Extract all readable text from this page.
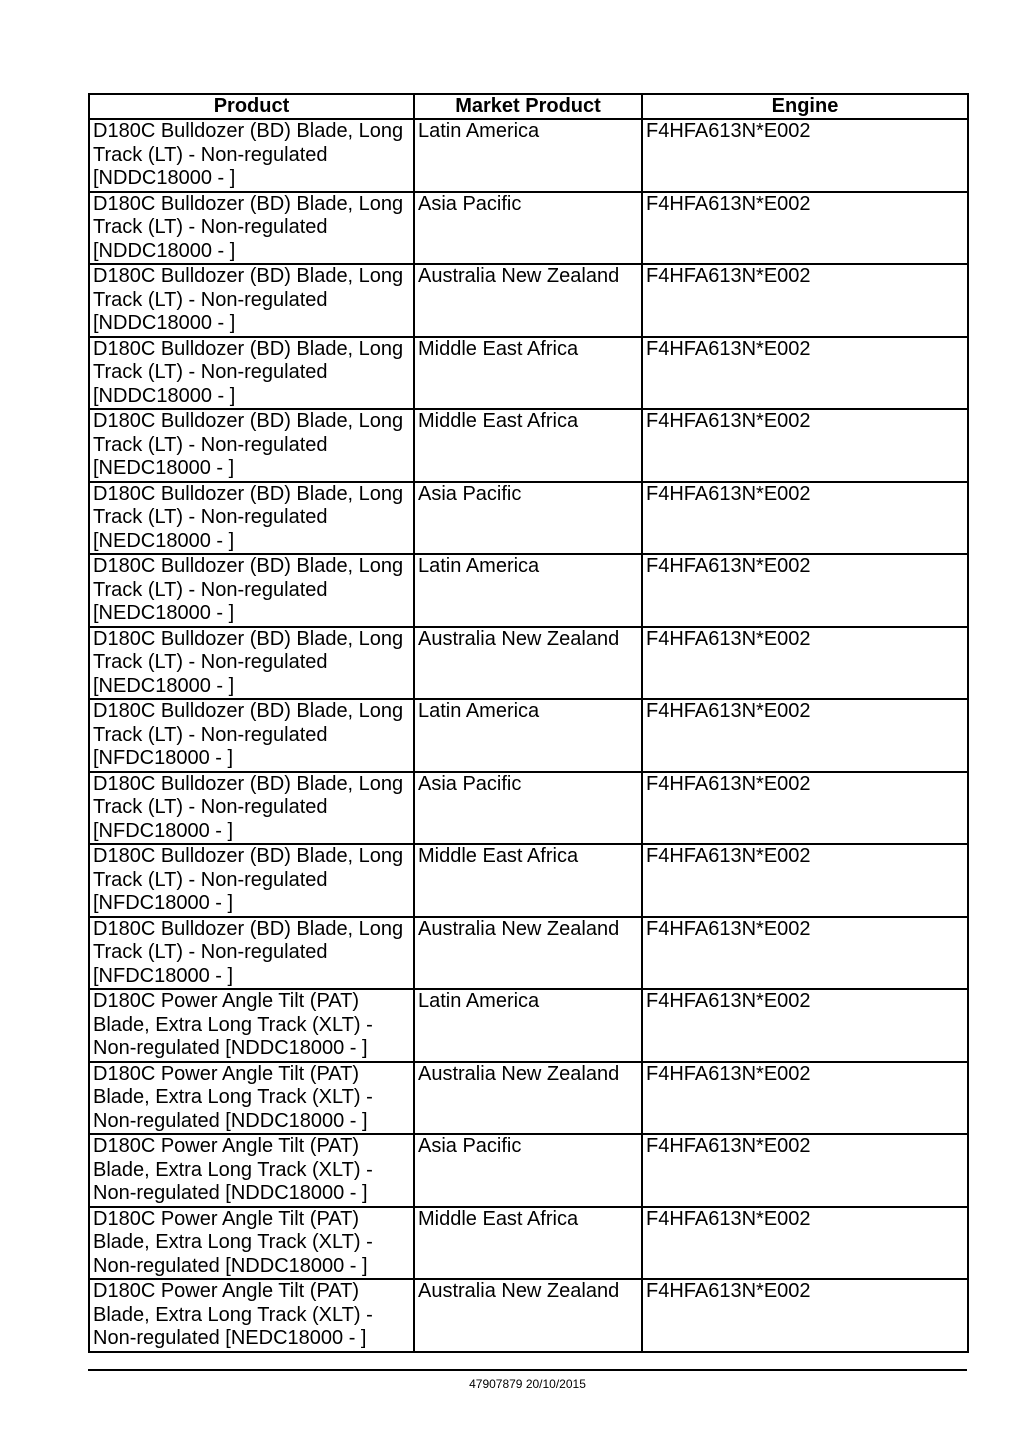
Product	Market Product	Engine
D180C Bulldozer (BD) Blade, Long Track (LT) - Non-regulated [NDDC18000 - ]	Latin America	F4HFA613N*E002
D180C Bulldozer (BD) Blade, Long Track (LT) - Non-regulated [NDDC18000 - ]	Asia Pacific	F4HFA613N*E002
D180C Bulldozer (BD) Blade, Long Track (LT) - Non-regulated [NDDC18000 - ]	Australia New Zealand	F4HFA613N*E002
D180C Bulldozer (BD) Blade, Long Track (LT) - Non-regulated [NDDC18000 - ]	Middle East Africa	F4HFA613N*E002
D180C Bulldozer (BD) Blade, Long Track (LT) - Non-regulated [NEDC18000 - ]	Middle East Africa	F4HFA613N*E002
D180C Bulldozer (BD) Blade, Long Track (LT) - Non-regulated [NEDC18000 - ]	Asia Pacific	F4HFA613N*E002
D180C Bulldozer (BD) Blade, Long Track (LT) - Non-regulated [NEDC18000 - ]	Latin America	F4HFA613N*E002
D180C Bulldozer (BD) Blade, Long Track (LT) - Non-regulated [NEDC18000 - ]	Australia New Zealand	F4HFA613N*E002
D180C Bulldozer (BD) Blade, Long Track (LT) - Non-regulated [NFDC18000 - ]	Latin America	F4HFA613N*E002
D180C Bulldozer (BD) Blade, Long Track (LT) - Non-regulated [NFDC18000 - ]	Asia Pacific	F4HFA613N*E002
D180C Bulldozer (BD) Blade, Long Track (LT) - Non-regulated [NFDC18000 - ]	Middle East Africa	F4HFA613N*E002
D180C Bulldozer (BD) Blade, Long Track (LT) - Non-regulated [NFDC18000 - ]	Australia New Zealand	F4HFA613N*E002
D180C Power Angle Tilt (PAT) Blade, Extra Long Track (XLT) - Non-regulated [NDDC18000 - ]	Latin America	F4HFA613N*E002
D180C Power Angle Tilt (PAT) Blade, Extra Long Track (XLT) - Non-regulated [NDDC18000 - ]	Australia New Zealand	F4HFA613N*E002
D180C Power Angle Tilt (PAT) Blade, Extra Long Track (XLT) - Non-regulated [NDDC18000 - ]	Asia Pacific	F4HFA613N*E002
D180C Power Angle Tilt (PAT) Blade, Extra Long Track (XLT) - Non-regulated [NDDC18000 - ]	Middle East Africa	F4HFA613N*E002
D180C Power Angle Tilt (PAT) Blade, Extra Long Track (XLT) - Non-regulated [NEDC18000 - ]	Australia New Zealand	F4HFA613N*E002
47907879 20/10/2015
